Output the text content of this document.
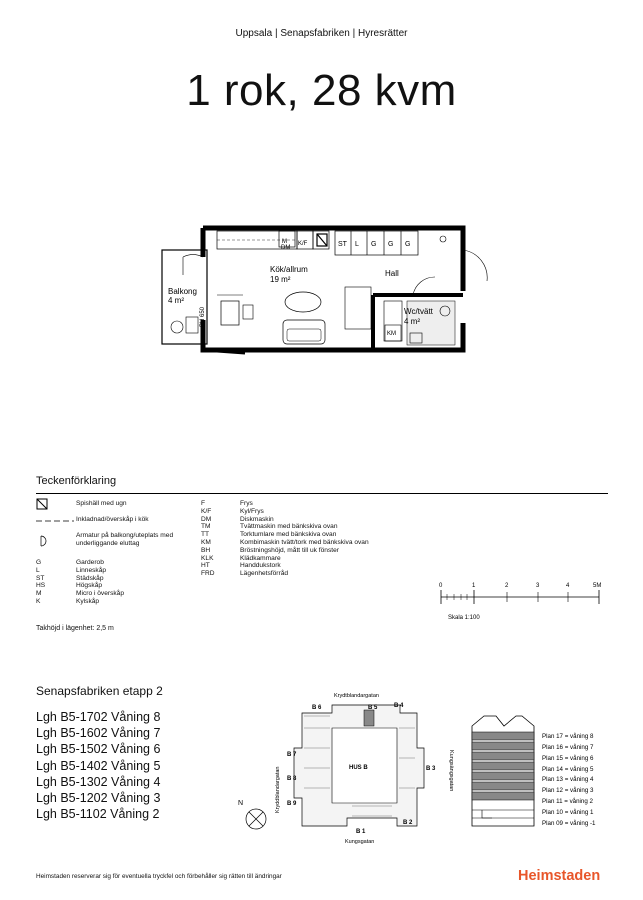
Uppsala | Senapsfabriken | Hyresrätter
1 rok, 28 kvm
Kök/allrum
19 m²
Balkong
4 m²
Hall
Wc/tvätt
4 m²
BH 650
M
DM
K/F	ST L G G G
KM
Teckenförklaring
Spishäll med ugn
Inkladnad/överskåp i kök
Armatur på balkong/uteplats med underliggande eluttag
G	Garderob
L	Linneskåp
ST	Städskåp
HS	Högskåp
M	Micro i överskåp
K	Kylskåp
F	Frys
K/F	Kyl/Frys
DM	Diskmaskin
TM	Tvättmaskin med bänkskiva ovan
TT	Torktumlare med bänkskiva ovan
KM	Kombimaskin tvätt/tork med bänkskiva ovan
BH	Bröstningshöjd, mått till uk fönster
KLK	Klädkammare
HT	Handdukstork
FRD	Lägenhetsförråd
Takhöjd i lägenhet: 2,5 m
0	1	2	3	4	5M
Skala 1:100
Senapsfabriken etapp 2
Lgh B5-1702 Våning 8
Lgh B5-1602 Våning 7
Lgh B5-1502 Våning 6
Lgh B5-1402 Våning 5
Lgh B5-1302 Våning 4
Lgh B5-1202 Våning 3
Lgh B5-1102 Våning 2
Krydtblandargatan
Kryddblandargatan	Kungsängsgatan
Kungsgatan
HUS B
B 6	B 5	B 4
B 7
B 3
B 8
B 9
B 1
B 2
N
Plan 17 = våning 8
Plan 16 = våning 7
Plan 15 = våning 6
Plan 14 = våning 5
Plan 13 = våning 4
Plan 12 = våning 3
Plan 11 = våning 2
Plan 10 = våning 1
Plan 09 = våning -1
Heimstaden reserverar sig för eventuella tryckfel och förbehåller sig rätten till ändringar	Heimstaden
